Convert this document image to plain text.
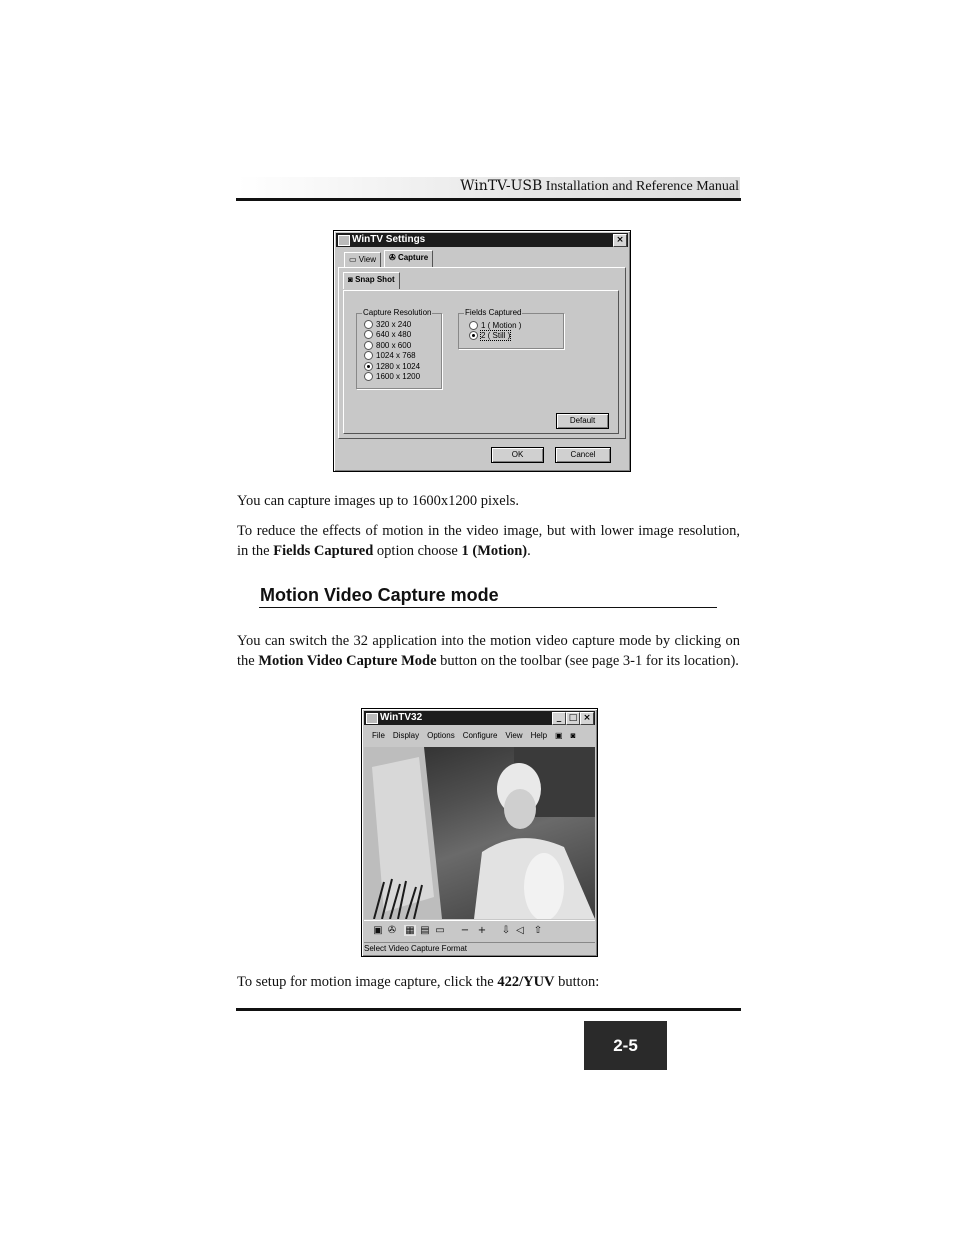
WinTV-USB Installation and Reference Manual
WinTV Settings	×
▭ View	✇ Capture
◙ Snap Shot
Capture Resolution
320 x 240
640 x 480
800 x 600
1024 x 768
1280 x 1024
1600 x 1200
Fields Captured
1 ( Motion )
2 ( Still )
Default
OK	Cancel
You can capture images up to 1600x1200 pixels.
To reduce the effects of motion in the video image, but with lower image resolution, in the Fields Captured option choose 1 (Motion).
Motion Video Capture mode
You can switch the 32 application into the motion video capture mode by clicking on the Motion Video Capture Mode button on the toolbar (see page 3-1 for its location).
WinTV32	_ □ ×
File Display Options Configure View Help ▣ ◙
▣ ✇ ▦ ▤ ▭ − + ⇩ ◁ ⇧
Select Video Capture Format
To setup for motion image capture, click the 422/YUV button:
2-5
